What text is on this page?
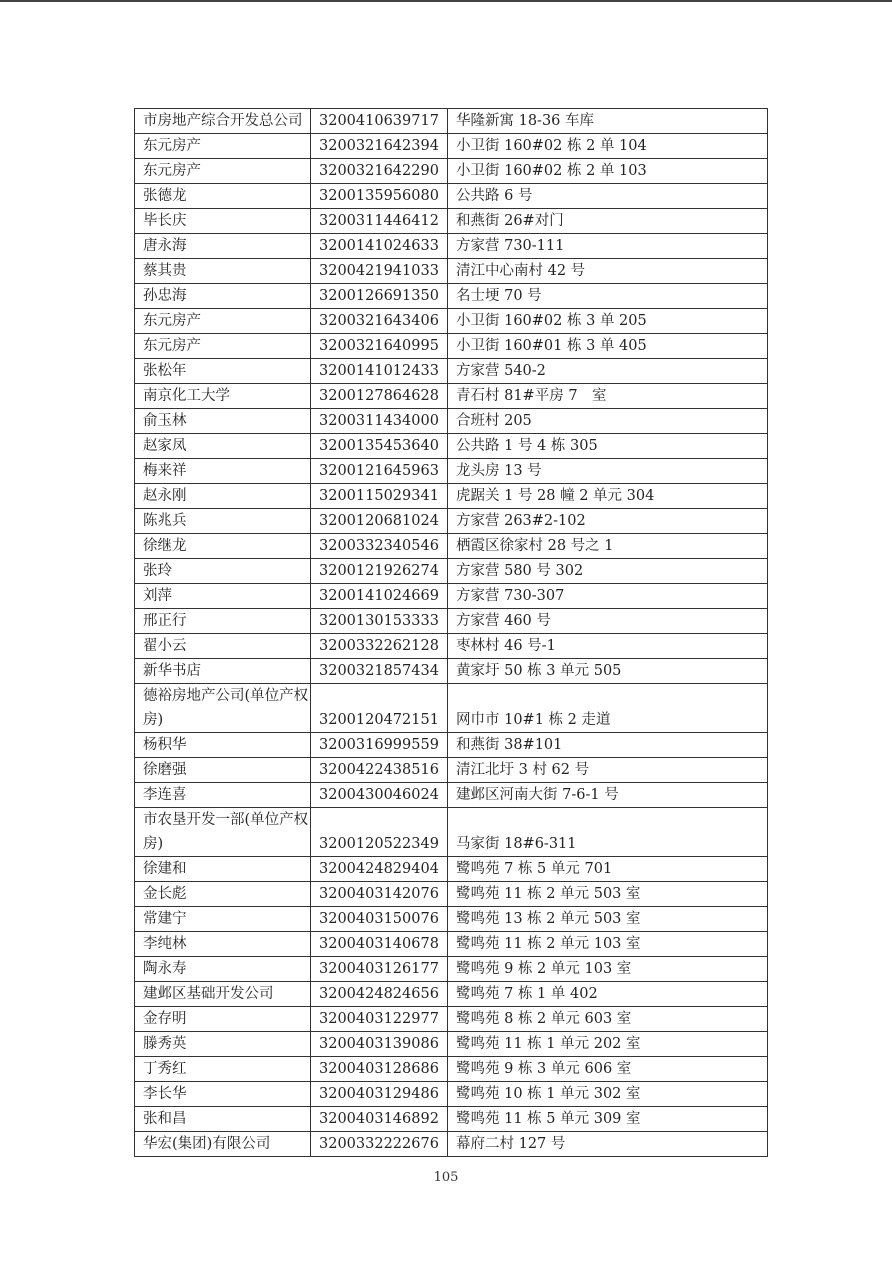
市房地产综合开发总公司	3200410639717	华隆新寓 18-36 车库
东元房产	3200321642394	小卫街 160#02 栋 2 单 104
东元房产	3200321642290	小卫街 160#02 栋 2 单 103
张德龙	3200135956080	公共路 6 号
毕长庆	3200311446412	和燕街 26#对门
唐永海	3200141024633	方家营 730-111
蔡其贵	3200421941033	清江中心南村 42 号
孙忠海	3200126691350	名士埂 70 号
东元房产	3200321643406	小卫街 160#02 栋 3 单 205
东元房产	3200321640995	小卫街 160#01 栋 3 单 405
张松年	3200141012433	方家营 540-2
南京化工大学	3200127864628	青石村 81#平房 7　室
俞玉林	3200311434000	合班村 205
赵家凤	3200135453640	公共路 1 号 4 栋 305
梅来祥	3200121645963	龙头房 13 号
赵永刚	3200115029341	虎踞关 1 号 28 幢 2 单元 304
陈兆兵	3200120681024	方家营 263#2-102
徐继龙	3200332340546	栖霞区徐家村 28 号之 1
张玲	3200121926274	方家营 580 号 302
刘萍	3200141024669	方家营 730-307
邢正行	3200130153333	方家营 460 号
翟小云	3200332262128	枣林村 46 号-1
新华书店	3200321857434	黄家圩 50 栋 3 单元 505
德裕房地产公司(单位产权房)	3200120472151	网巾市 10#1 栋 2 走道
杨积华	3200316999559	和燕街 38#101
徐磨强	3200422438516	清江北圩 3 村 62 号
李连喜	3200430046024	建邺区河南大街 7-6-1 号
市农垦开发一部(单位产权房)	3200120522349	马家街 18#6-311
徐建和	3200424829404	鹭鸣苑 7 栋 5 单元 701
金长彪	3200403142076	鹭鸣苑 11 栋 2 单元 503 室
常建宁	3200403150076	鹭鸣苑 13 栋 2 单元 503 室
李纯林	3200403140678	鹭鸣苑 11 栋 2 单元 103 室
陶永寿	3200403126177	鹭鸣苑 9 栋 2 单元 103 室
建邺区基础开发公司	3200424824656	鹭鸣苑 7 栋 1 单 402
金存明	3200403122977	鹭鸣苑 8 栋 2 单元 603 室
滕秀英	3200403139086	鹭鸣苑 11 栋 1 单元 202 室
丁秀红	3200403128686	鹭鸣苑 9 栋 3 单元 606 室
李长华	3200403129486	鹭鸣苑 10 栋 1 单元 302 室
张和昌	3200403146892	鹭鸣苑 11 栋 5 单元 309 室
华宏(集团)有限公司	3200332222676	幕府二村 127 号
105
